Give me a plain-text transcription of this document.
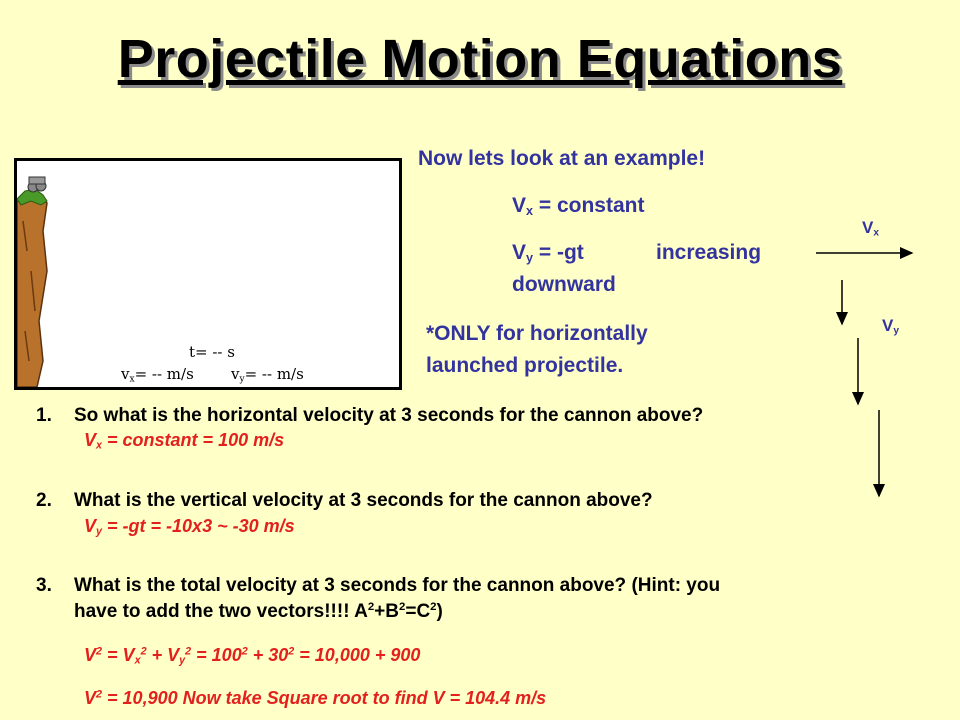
Projectile Motion Equations
t= -- s
$v_x= -- m/s$ $v_y= -- m/s$
Now lets look at an example!
$V_x$ = constant
$V_y = -gt$	increasing
downward
*ONLY for horizontally
launched projectile.
$V_x$
$V_y$
1. So what is the horizontal velocity at 3 seconds for the cannon above?
$V_x$ = constant = 100 m/s
2. What is the vertical velocity at 3 seconds for the cannon above?
$V_y = -gt = -10x3$ ~ -30 m/s
3. What is the total velocity at 3 seconds for the cannon above? (Hint: you
have to add the two vectors!!!! $A^2+B^2=C^2$)
$V^2 = V_x^2 + V_y^2 = 100^2 + 30^2 = 10,000 + 900$
$V^2 = 10,900$ Now take Square root to find V = 104.4 m/s
